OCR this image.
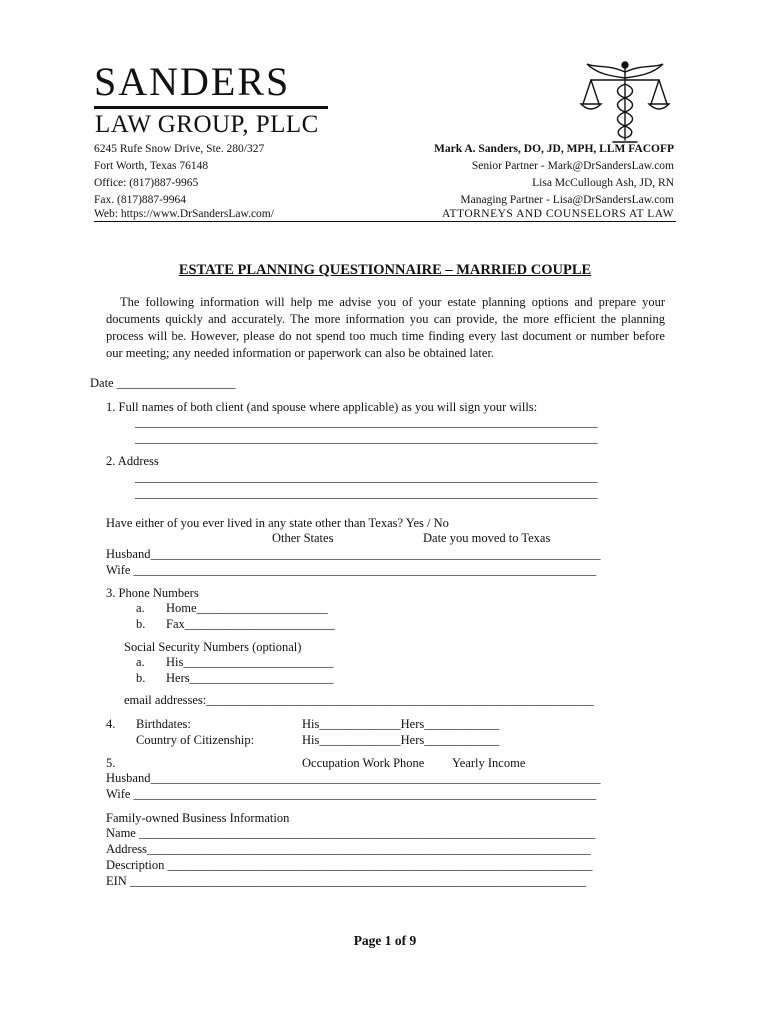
SANDERS
LAW GROUP, PLLC
6245 Rufe Snow Drive, Ste. 280/327
Fort Worth, Texas 76148
Office: (817)887-9965
Fax. (817)887-9964
Web: https://www.DrSandersLaw.com/
Mark A. Sanders, DO, JD, MPH, LLM FACOFP
Senior Partner - Mark@DrSandersLaw.com
Lisa McCullough Ash, JD, RN
Managing Partner - Lisa@DrSandersLaw.com
ATTORNEYS AND COUNSELORS AT LAW
ESTATE PLANNING QUESTIONNAIRE – MARRIED COUPLE
The following information will help me advise you of your estate planning options and prepare your documents quickly and accurately. The more information you can provide, the more efficient the planning process will be. However, please do not spend too much time finding every last document or number before our meeting; any needed information or paperwork can also be obtained later.
Date ___________________
1. Full names of both client (and spouse where applicable) as you will sign your wills:
__________________________________________________________________________
__________________________________________________________________________
2. Address
__________________________________________________________________________
__________________________________________________________________________
Have either of you ever lived in any state other than Texas? Yes / No
Other States	Date you moved to Texas
Husband________________________________________________________________________
Wife __________________________________________________________________________
3. Phone Numbers
a. Home_____________________
b. Fax________________________
Social Security Numbers (optional)
a. His________________________
b. Hers_______________________
email addresses:______________________________________________________________
4. Birthdates:	His_____________Hers____________
Country of Citizenship:	His_____________Hers____________
5.	Occupation Work Phone Yearly Income
Husband________________________________________________________________________
Wife __________________________________________________________________________
Family-owned Business Information
Name _________________________________________________________________________
Address_______________________________________________________________________
Description ____________________________________________________________________
EIN _________________________________________________________________________
Page 1 of 9
